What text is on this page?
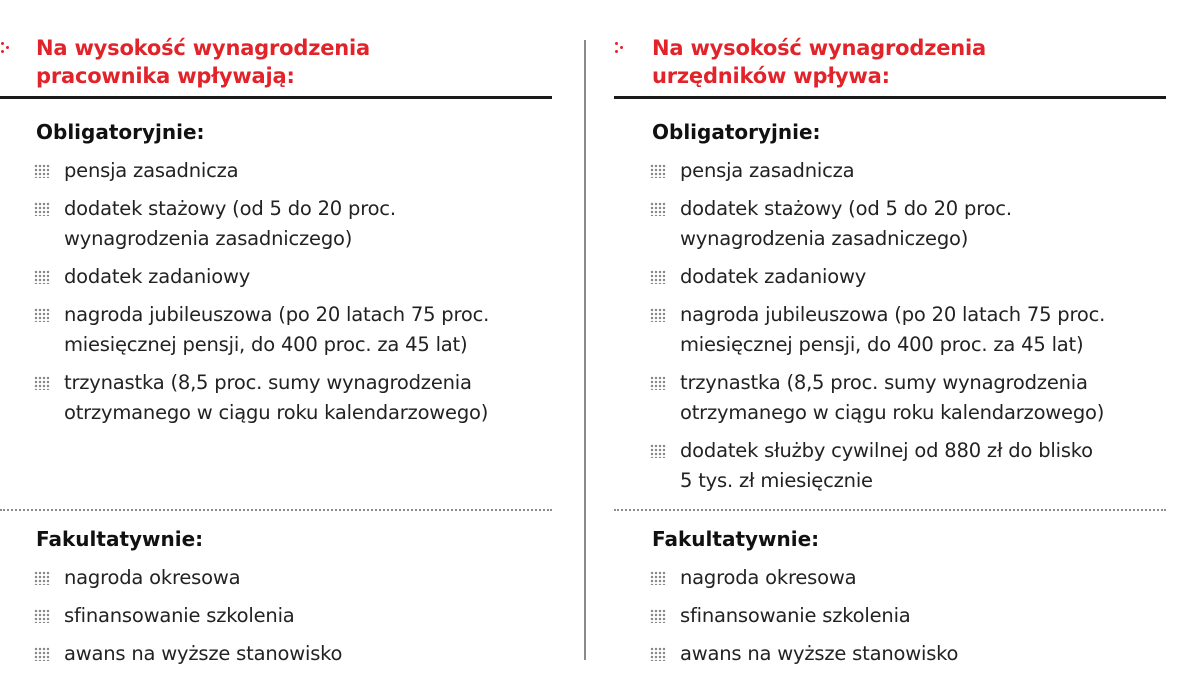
Na wysokość wynagrodzenia
pracownika wpływają:
Obligatoryjnie:
pensja zasadnicza
dodatek stażowy (od 5 do 20 proc.
wynagrodzenia zasadniczego)
dodatek zadaniowy
nagroda jubileuszowa (po 20 latach 75 proc.
miesięcznej pensji, do 400 proc. za 45 lat)
trzynastka (8,5 proc. sumy wynagrodzenia
otrzymanego w ciągu roku kalendarzowego)
Fakultatywnie:
nagroda okresowa
sfinansowanie szkolenia
awans na wyższe stanowisko
Na wysokość wynagrodzenia
urzędników wpływa:
Obligatoryjnie:
pensja zasadnicza
dodatek stażowy (od 5 do 20 proc.
wynagrodzenia zasadniczego)
dodatek zadaniowy
nagroda jubileuszowa (po 20 latach 75 proc.
miesięcznej pensji, do 400 proc. za 45 lat)
trzynastka (8,5 proc. sumy wynagrodzenia
otrzymanego w ciągu roku kalendarzowego)
dodatek służby cywilnej od 880 zł do blisko
5 tys. zł miesięcznie
Fakultatywnie:
nagroda okresowa
sfinansowanie szkolenia
awans na wyższe stanowisko
